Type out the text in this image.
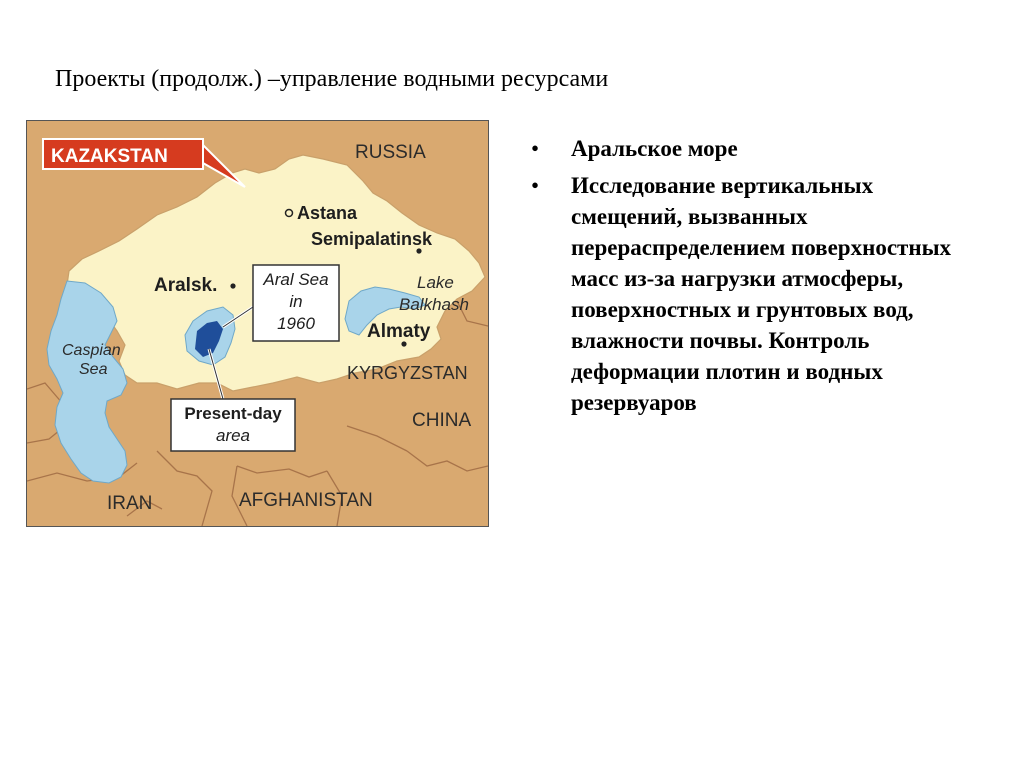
Проекты (продолж.) –управление водными ресурсами
KAZAKSTAN	RUSSIA
Astana
Semipalatinsk
Aralsk.	Lake
Balkhash
Almaty
Caspian
Sea	KYRGYZSTAN
CHINA
IRAN	AFGHANISTAN
Aral Sea
in
1960
Present-day
area
• Аральское море
• Исследование вертикальных смещений, вызванных перераспределением поверхностных масс из-за нагрузки атмосферы, поверхностных и грунтовых вод, влажности почвы. Контроль деформации плотин и водных резервуаров
